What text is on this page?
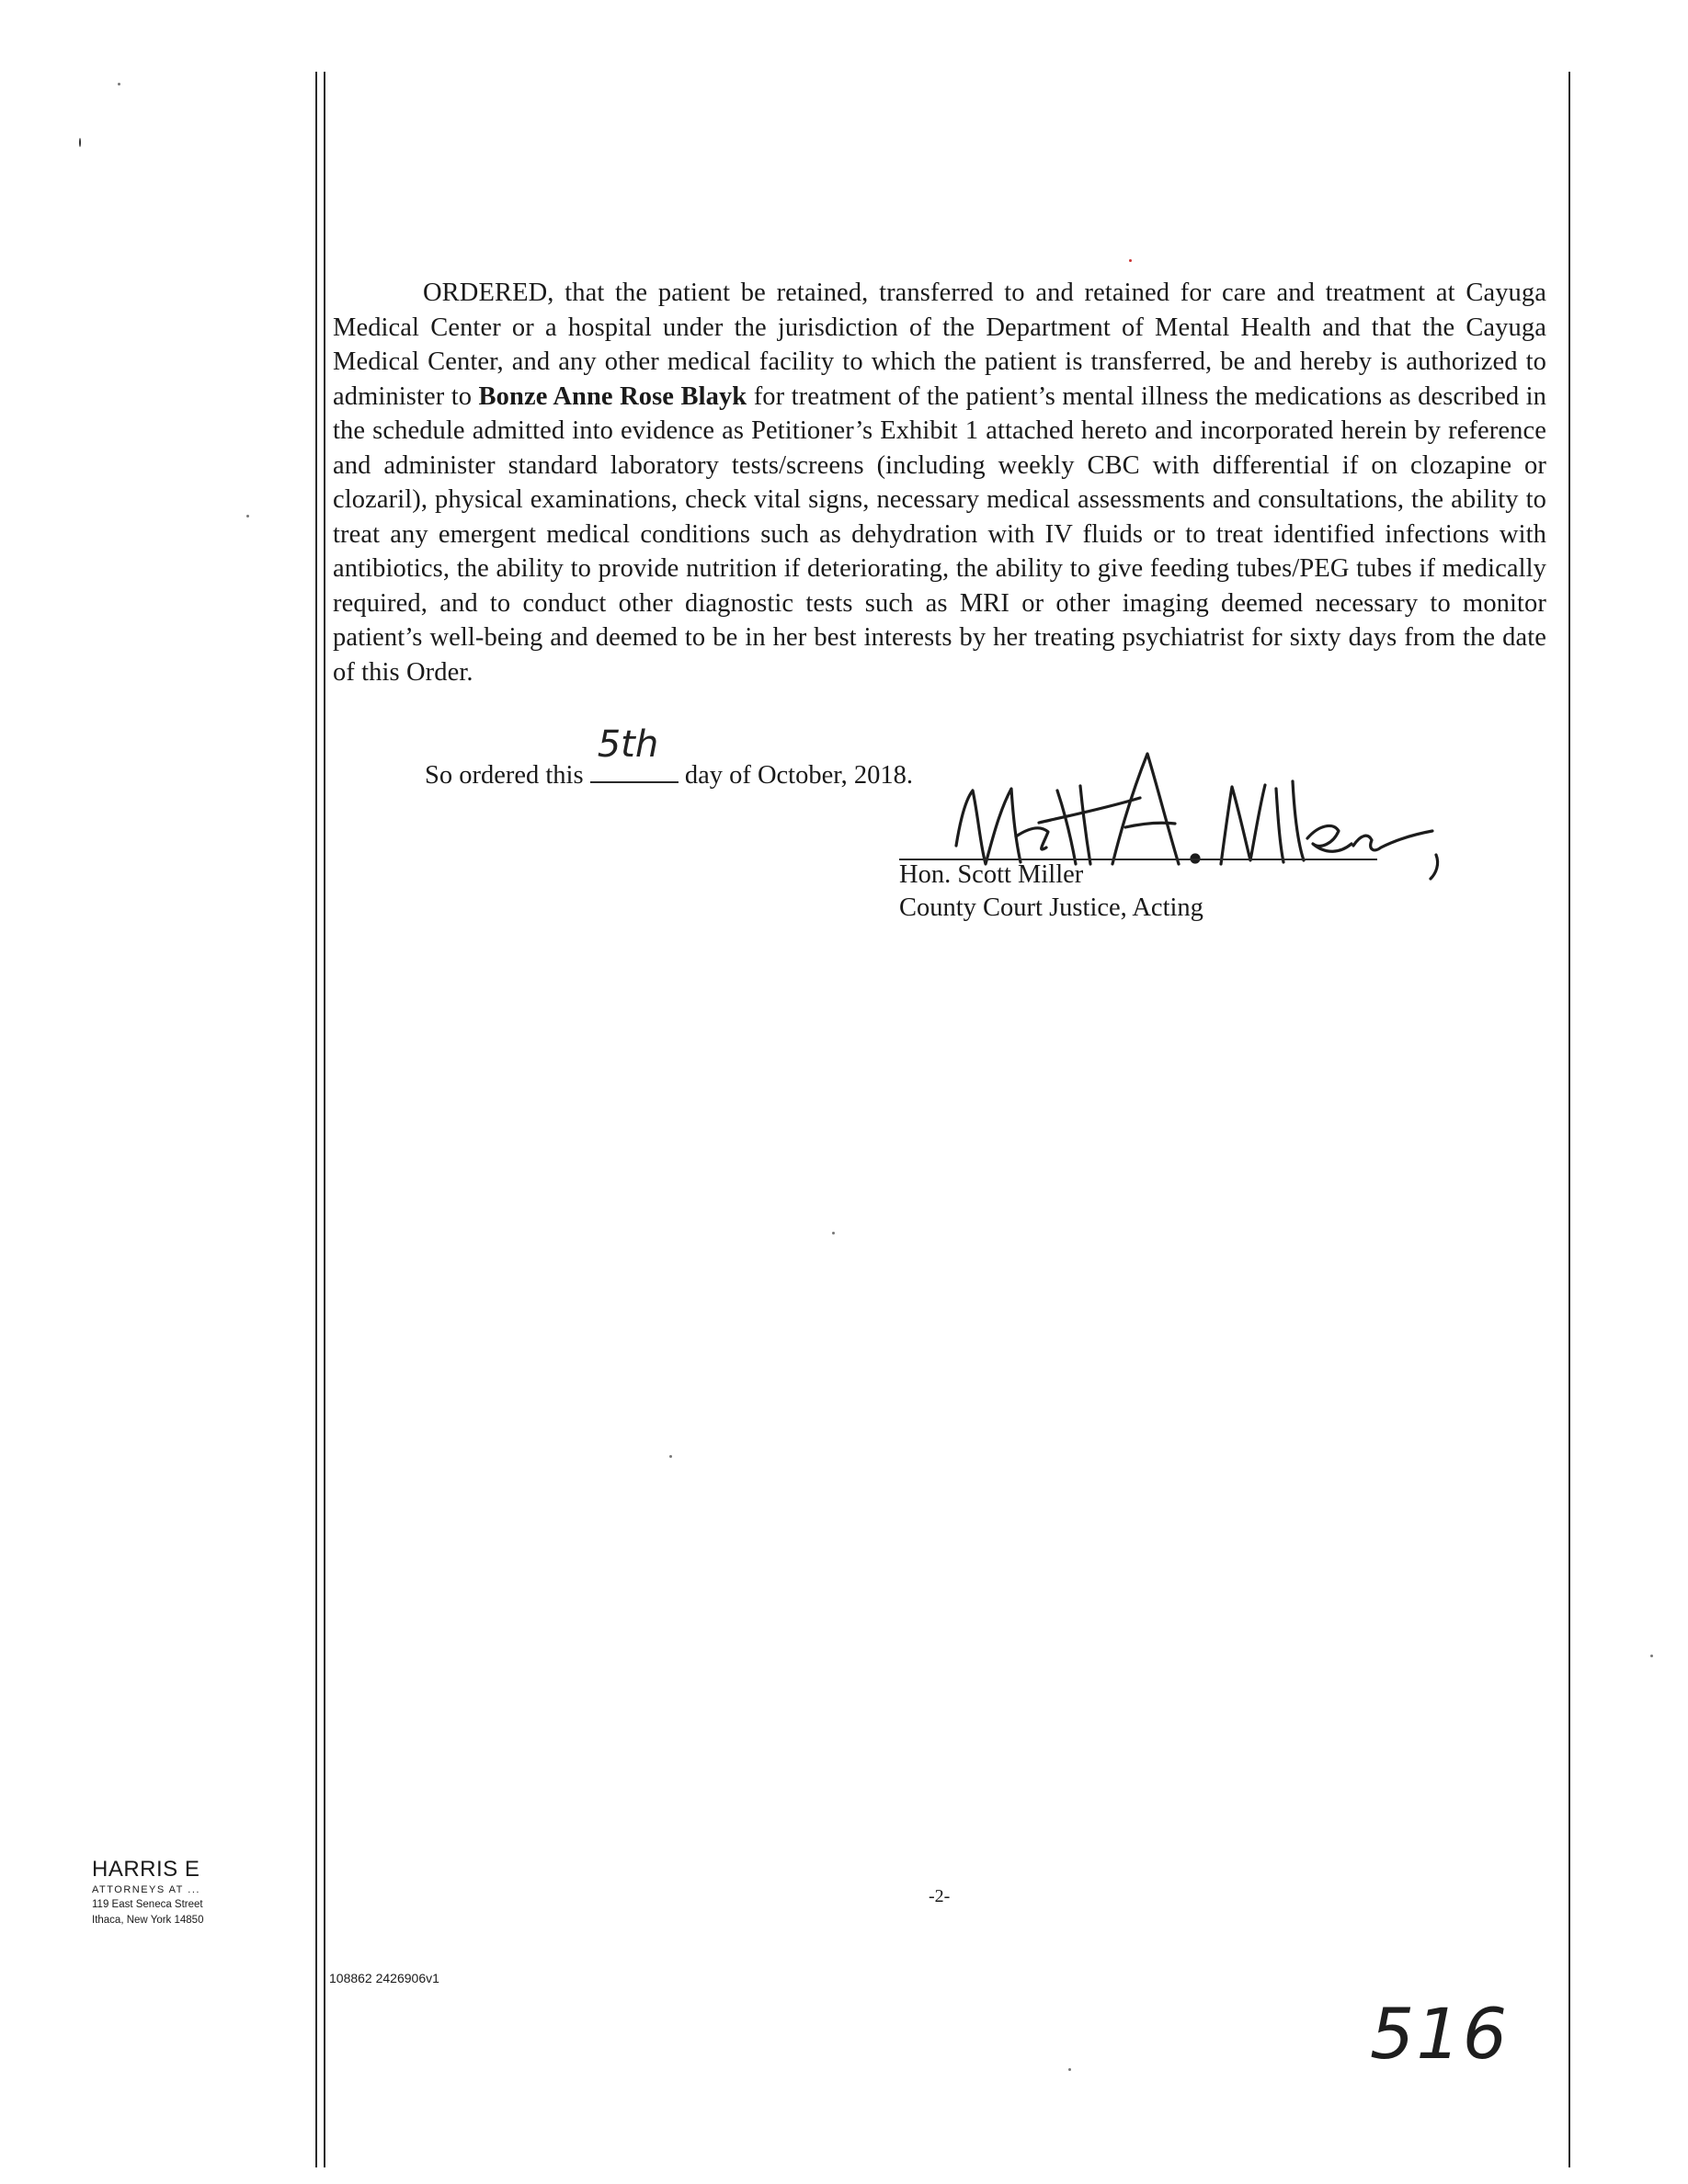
ORDERED, that the patient be retained, transferred to and retained for care and treatment at Cayuga Medical Center or a hospital under the jurisdiction of the Department of Mental Health and that the Cayuga Medical Center, and any other medical facility to which the patient is transferred, be and hereby is authorized to administer to Bonze Anne Rose Blayk for treatment of the patient’s mental illness the medications as described in the schedule admitted into evidence as Petitioner’s Exhibit 1 attached hereto and incorporated herein by reference and administer standard laboratory tests/screens (including weekly CBC with differential if on clozapine or clozaril), physical examinations, check vital signs, necessary medical assessments and consultations, the ability to treat any emergent medical conditions such as dehydration with IV fluids or to treat identified infections with antibiotics, the ability to provide nutrition if deteriorating, the ability to give feeding tubes/PEG tubes if medically required, and to conduct other diagnostic tests such as MRI or other imaging deemed necessary to monitor patient’s well-being and deemed to be in her best interests by her treating psychiatrist for sixty days from the date of this Order.

So ordered this
5th
day of October, 2018.
Hon. Scott Miller
County Court Justice, Acting
HARRIS E
ATTORNEYS AT ...
119 East Seneca Street
Ithaca, New York 14850
-2-
108862 2426906v1
516
